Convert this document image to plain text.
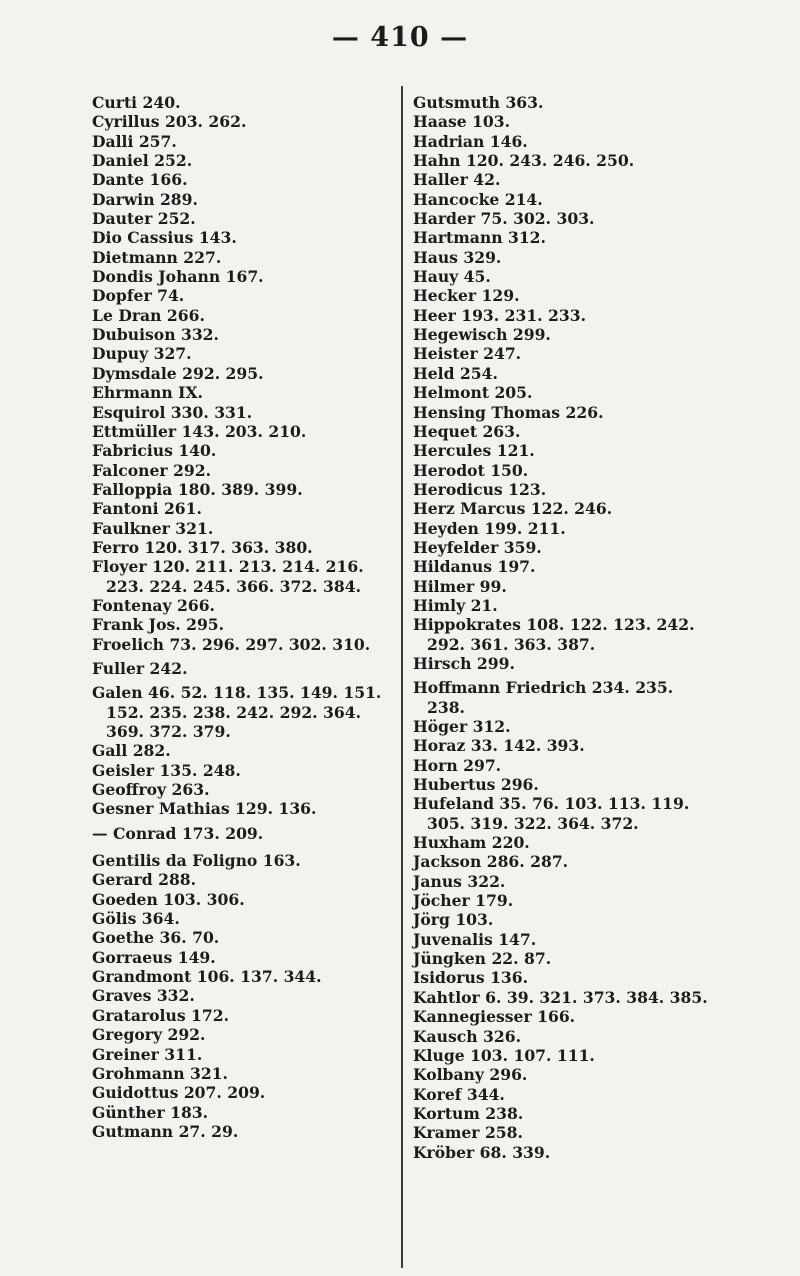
— 410 —
Curti 240.
Cyrillus 203. 262.
Dalli 257.
Daniel 252.
Dante 166.
Darwin 289.
Dauter 252.
Dio Cassius 143.
Dietmann 227.
Dondis Johann 167.
Dopfer 74.
Le Dran 266.
Dubuison 332.
Dupuy 327.
Dymsdale 292. 295.
Ehrmann IX.
Esquirol 330. 331.
Ettmüller 143. 203. 210.
Fabricius 140.
Falconer 292.
Falloppia 180. 389. 399.
Fantoni 261.
Faulkner 321.
Ferro 120. 317. 363. 380.
Floyer 120. 211. 213. 214. 216. 223. 224. 245. 366. 372. 384.
Fontenay 266.
Frank Jos. 295.
Froelich 73. 296. 297. 302. 310.
Fuller 242.
Galen 46. 52. 118. 135. 149. 151. 152. 235. 238. 242. 292. 364. 369. 372. 379.
Gall 282.
Geisler 135. 248.
Geoffroy 263.
Gesner Mathias 129. 136.
— Conrad 173. 209.
Gentilis da Foligno 163.
Gerard 288.
Goeden 103. 306.
Gölis 364.
Goethe 36. 70.
Gorraeus 149.
Grandmont 106. 137. 344.
Graves 332.
Gratarolus 172.
Gregory 292.
Greiner 311.
Grohmann 321.
Guidottus 207. 209.
Günther 183.
Gutmann 27. 29.
Gutsmuth 363.
Haase 103.
Hadrian 146.
Hahn 120. 243. 246. 250.
Haller 42.
Hancocke 214.
Harder 75. 302. 303.
Hartmann 312.
Haus 329.
Hauy 45.
Hecker 129.
Heer 193. 231. 233.
Hegewisch 299.
Heister 247.
Held 254.
Helmont 205.
Hensing Thomas 226.
Hequet 263.
Hercules 121.
Herodot 150.
Herodicus 123.
Herz Marcus 122. 246.
Heyden 199. 211.
Heyfelder 359.
Hildanus 197.
Hilmer 99.
Himly 21.
Hippokrates 108. 122. 123. 242. 292. 361. 363. 387.
Hirsch 299.
Hoffmann Friedrich 234. 235. 238.
Höger 312.
Horaz 33. 142. 393.
Horn 297.
Hubertus 296.
Hufeland 35. 76. 103. 113. 119. 305. 319. 322. 364. 372.
Huxham 220.
Jackson 286. 287.
Janus 322.
Jöcher 179.
Jörg 103.
Juvenalis 147.
Jüngken 22. 87.
Isidorus 136.
Kahtlor 6. 39. 321. 373. 384. 385.
Kannegiesser 166.
Kausch 326.
Kluge 103. 107. 111.
Kolbany 296.
Koref 344.
Kortum 238.
Kramer 258.
Kröber 68. 339.
